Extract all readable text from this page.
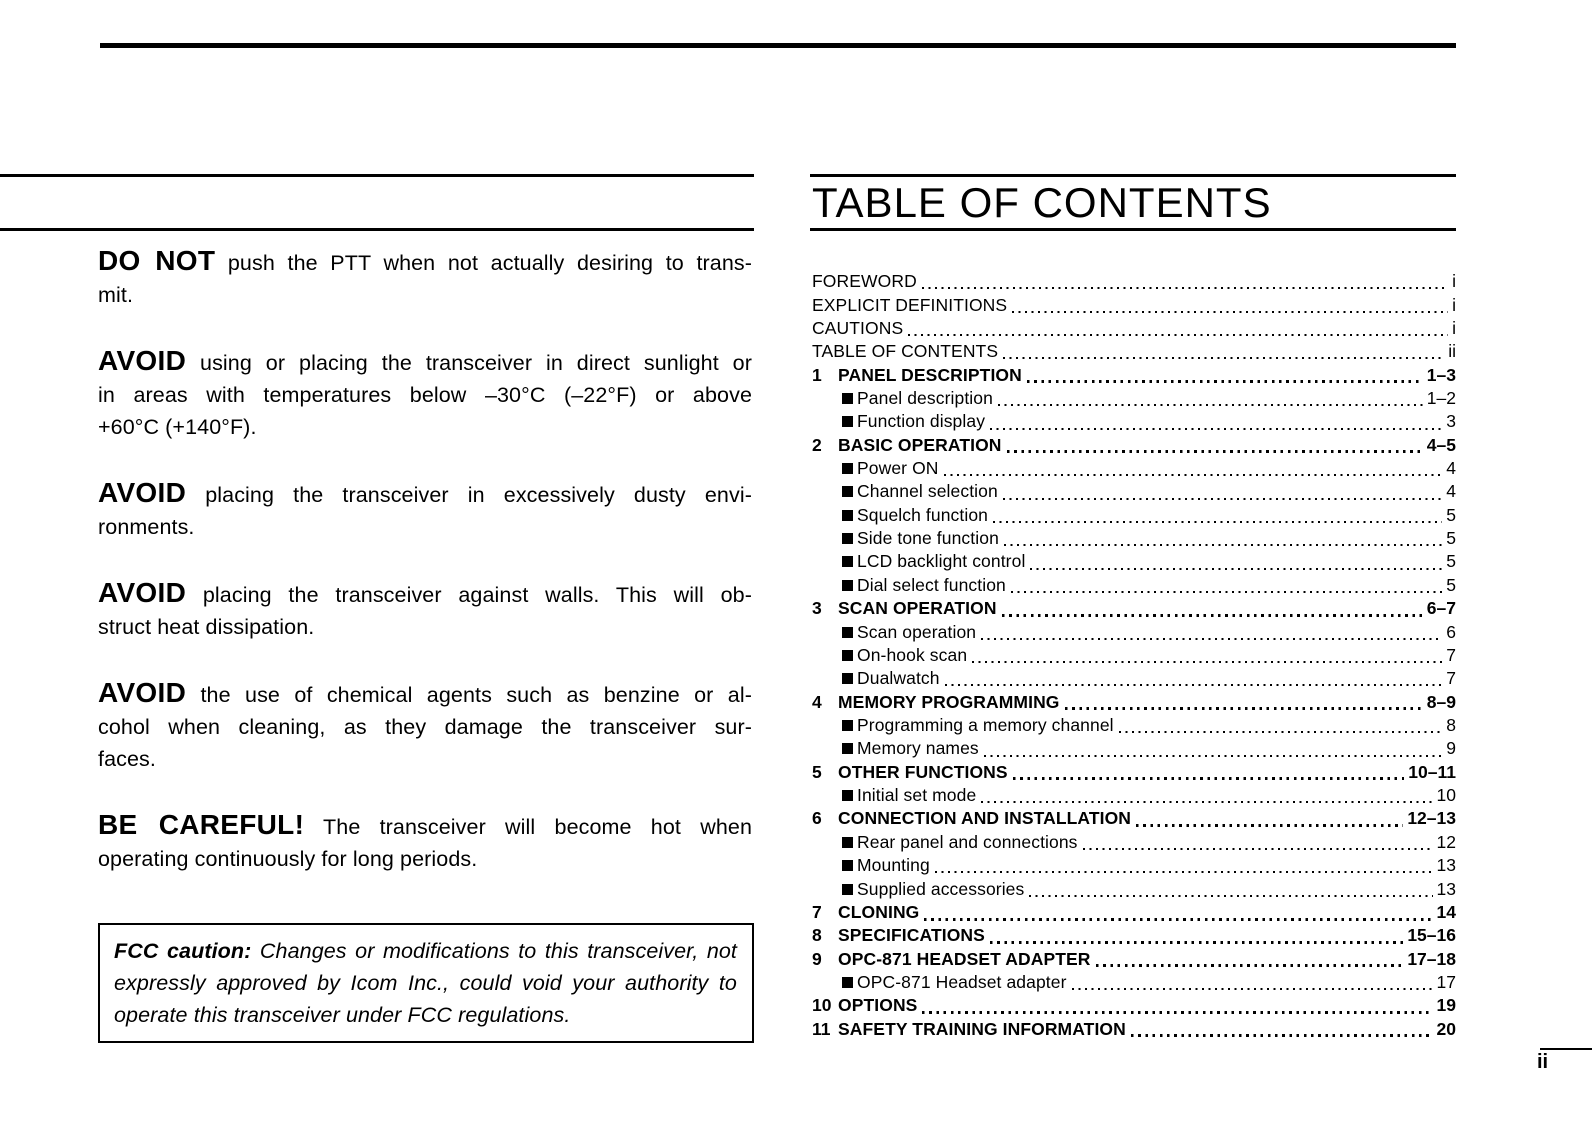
DO NOT push the PTT when not actually desiring to trans-
mit.
AVOID using or placing the transceiver in direct sunlight or
in areas with temperatures below –30°C (–22°F) or above
+60°C (+140°F).
AVOID placing the transceiver in excessively dusty envi-
ronments.
AVOID placing the transceiver against walls. This will ob-
struct heat dissipation.
AVOID the use of chemical agents such as benzine or al-
cohol when cleaning, as they damage the transceiver sur-
faces.
BE CAREFUL! The transceiver will become hot when
operating continuously for long periods.
FCC caution: Changes or modifications to this transceiver, not
expressly approved by Icom Inc., could void your authority to
operate this transceiver under FCC regulations.
TABLE OF CONTENTS
FOREWORD	i
EXPLICIT DEFINITIONS	i
CAUTIONS	i
TABLE OF CONTENTS	ii
1 PANEL DESCRIPTION	1–3
Panel description	1–2
Function display	3
2 BASIC OPERATION	4–5
Power ON	4
Channel selection	4
Squelch function	5
Side tone function	5
LCD backlight control	5
Dial select function	5
3 SCAN OPERATION	6–7
Scan operation	6
On-hook scan	7
Dualwatch	7
4 MEMORY PROGRAMMING	8–9
Programming a memory channel	8
Memory names	9
5 OTHER FUNCTIONS	10–11
Initial set mode	10
6 CONNECTION AND INSTALLATION	12–13
Rear panel and connections	12
Mounting	13
Supplied accessories	13
7 CLONING	14
8 SPECIFICATIONS	15–16
9 OPC-871 HEADSET ADAPTER	17–18
OPC-871 Headset adapter	17
10 OPTIONS	19
11 SAFETY TRAINING INFORMATION	20
ii
